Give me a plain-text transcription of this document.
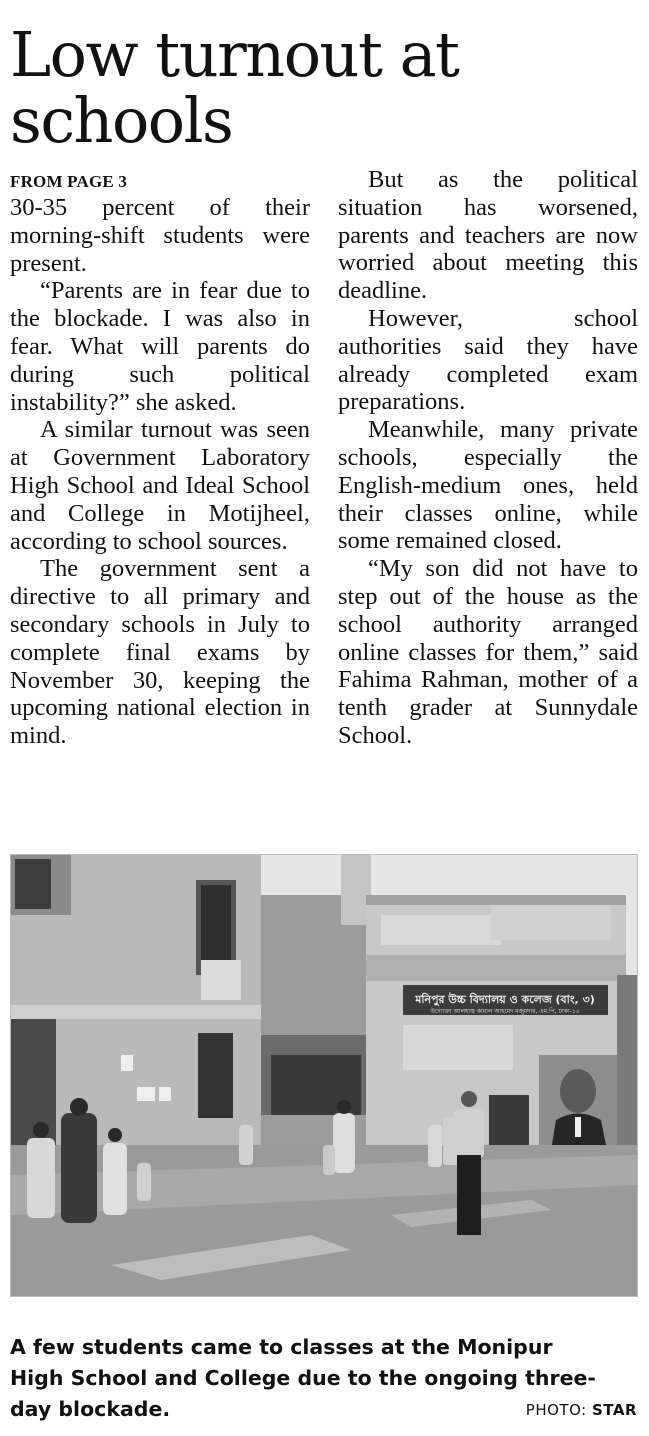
Low turnout at schools
FROM PAGE 3

30-35 percent of their morning-shift students were present.

“Parents are in fear due to the blockade. I was also in fear. What will parents do during such political instability?” she asked.

A similar turnout was seen at Government Laboratory High School and Ideal School and College in Motijheel, according to school sources.

The government sent a directive to all primary and secondary schools in July to complete final exams by November 30, keeping the upcoming national election in mind.

But as the political situation has worsened, parents and teachers are now worried about meeting this deadline.

However, school authorities said they have already completed exam preparations.

Meanwhile, many private schools, especially the English-medium ones, held their classes online, while some remained closed.

“My son did not have to step out of the house as the school authority arranged online classes for them,” said Fahima Rahman, mother of a tenth grader at Sunnydale School.

মনিপুর উচ্চ বিদ্যালয় ও কলেজ (বাং, ৩)
উদ্যোক্তা আলহাজ্ব কামাল আহমেদ মজুমদার, এম.পি, ঢাকা-১৫
A few students came to classes at the Monipur High School and College due to the ongoing three-day blockade.	PHOTO: STAR
